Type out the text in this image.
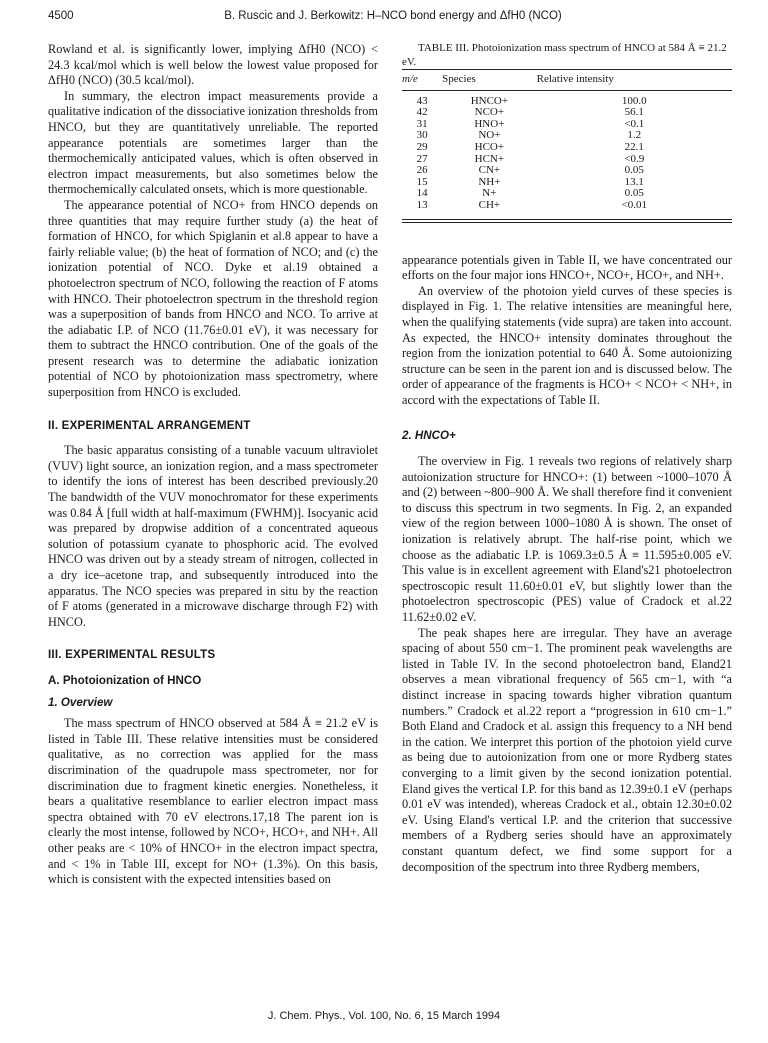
4500	B. Ruscic and J. Berkowitz: H–NCO bond energy and ΔfH0 (NCO)

Rowland et al. is significantly lower, implying ΔfH0 (NCO) < 24.3 kcal/mol which is well below the lowest value proposed for ΔfH0 (NCO) (30.5 kcal/mol).

In summary, the electron impact measurements provide a qualitative indication of the dissociative ionization thresholds from HNCO, but they are quantitatively unreliable. The reported appearance potentials are sometimes larger than the thermochemically anticipated values, which is often observed in electron impact measurements, but also sometimes below the thermochemically calculated onsets, which is more questionable.

The appearance potential of NCO+ from HNCO depends on three quantities that may require further study (a) the heat of formation of HNCO, for which Spiglanin et al.8 appear to have a fairly reliable value; (b) the heat of formation of NCO; and (c) the ionization potential of NCO. Dyke et al.19 obtained a photoelectron spectrum of NCO, following the reaction of F atoms with HNCO. Their photoelectron spectrum in the threshold region was a superposition of bands from HNCO and NCO. To arrive at the adiabatic I.P. of NCO (11.76±0.01 eV), it was necessary for them to subtract the HNCO contribution. One of the goals of the present research was to determine the adiabatic ionization potential of NCO by photoionization mass spectrometry, where superposition from HNCO is excluded.

II. EXPERIMENTAL ARRANGEMENT

The basic apparatus consisting of a tunable vacuum ultraviolet (VUV) light source, an ionization region, and a mass spectrometer to identify the ions of interest has been described previously.20 The bandwidth of the VUV monochromator for these experiments was 0.84 Å [full width at half-maximum (FWHM)]. Isocyanic acid was prepared by dropwise addition of a concentrated aqueous solution of potassium cyanate to phosphoric acid. The evolved HNCO was driven out by a steady stream of nitrogen, collected in a dry ice–acetone trap, and subsequently introduced into the apparatus. The NCO species was prepared in situ by the reaction of F atoms (generated in a microwave discharge through F2) with HNCO.

III. EXPERIMENTAL RESULTS
A. Photoionization of HNCO
1. Overview

The mass spectrum of HNCO observed at 584 Å ≡ 21.2 eV is listed in Table III. These relative intensities must be considered qualitative, as no correction was applied for the mass discrimination of the quadrupole mass spectrometer, nor for discrimination due to fragment kinetic energies. Nonetheless, it bears a qualitative resemblance to earlier electron impact mass spectra obtained with 70 eV electrons.17,18 The parent ion is clearly the most intense, followed by NCO+, HCO+, and NH+. All other peaks are < 10% of HNCO+ in the electron impact spectra, and < 1% in Table III, except for NO+ (1.3%). On this basis, which is consistent with the expected intensities based on

TABLE III. Photoionization mass spectrum of HNCO at 584 Å ≡ 21.2 eV.

m/e	Species	Relative intensity
43	HNCO+	100.0
42	NCO+	56.1
31	HNO+	<0.1
30	NO+	1.2
29	HCO+	22.1
27	HCN+	<0.9
26	CN+	0.05
15	NH+	13.1
14	N+	0.05
13	CH+	<0.01

appearance potentials given in Table II, we have concentrated our efforts on the four major ions HNCO+, NCO+, HCO+, and NH+.

An overview of the photoion yield curves of these species is displayed in Fig. 1. The relative intensities are meaningful here, when the qualifying statements (vide supra) are taken into account. As expected, the HNCO+ intensity dominates throughout the region from the ionization potential to 640 Å. Some autoionizing structure can be seen in the parent ion and is discussed below. The order of appearance of the fragments is HCO+ < NCO+ < NH+, in accord with the expectations of Table II.

2. HNCO+

The overview in Fig. 1 reveals two regions of relatively sharp autoionization structure for HNCO+: (1) between ~1000–1070 Å and (2) between ~800–900 Å. We shall therefore find it convenient to discuss this spectrum in two segments. In Fig. 2, an expanded view of the region between 1000–1080 Å is shown. The onset of ionization is relatively abrupt. The half-rise point, which we choose as the adiabatic I.P. is 1069.3±0.5 Å ≡ 11.595±0.005 eV. This value is in excellent agreement with Eland's21 photoelectron spectroscopic result 11.60±0.01 eV, but slightly lower than the photoelectron spectroscopic (PES) value of Cradock et al.22 11.62±0.02 eV.

The peak shapes here are irregular. They have an average spacing of about 550 cm−1. The prominent peak wavelengths are listed in Table IV. In the second photoelectron band, Eland21 observes a mean vibrational frequency of 565 cm−1, with “a distinct increase in spacing towards higher vibration quantum numbers.” Cradock et al.22 report a “progression in 610 cm−1.” Both Eland and Cradock et al. assign this frequency to a NH bend in the cation. We interpret this portion of the photoion yield curve as being due to autoionization from one or more Rydberg states converging to a limit given by the second ionization potential. Eland gives the vertical I.P. for this band as 12.39±0.1 eV (perhaps 0.01 eV was intended), whereas Cradock et al., obtain 12.30±0.02 eV. Using Eland's vertical I.P. and the criterion that successive members of a Rydberg series should have an approximately constant quantum defect, we find some support for a decomposition of the spectrum into three Rydberg members,

J. Chem. Phys., Vol. 100, No. 6, 15 March 1994
